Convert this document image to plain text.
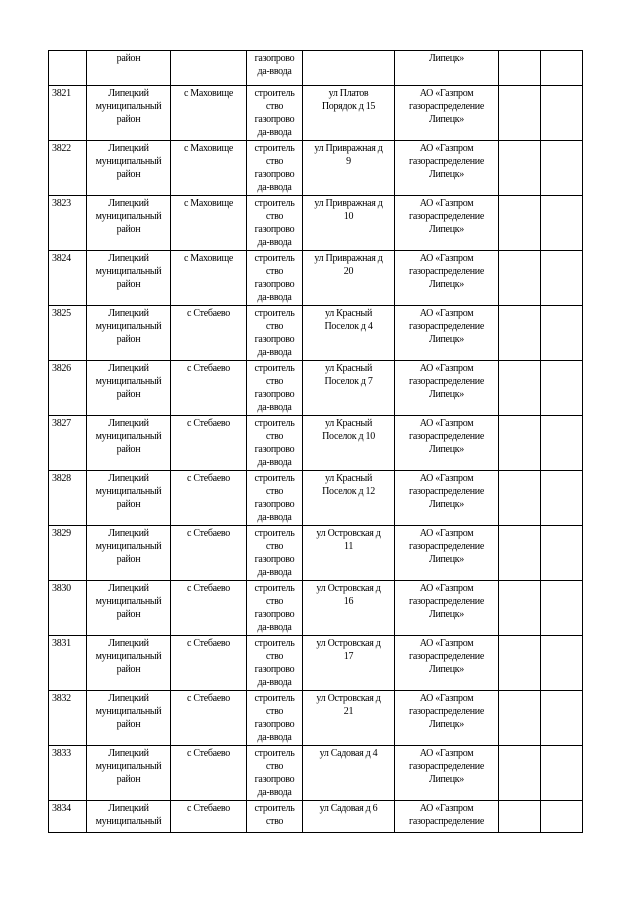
	район		газопрово
да-ввода		Липецк»		

3821	Липецкий
муниципальный
район	с Маховище	строитель
ство
газопрово
да-ввода	ул Платов
Порядок д 15	АО «Газпром
газораспределение
Липецк»		

3822	Липецкий
муниципальный
район	с Маховище	строитель
ство
газопрово
да-ввода	ул Привражная д
9	АО «Газпром
газораспределение
Липецк»		

3823	Липецкий
муниципальный
район	с Маховище	строитель
ство
газопрово
да-ввода	ул Привражная д
10	АО «Газпром
газораспределение
Липецк»		

3824	Липецкий
муниципальный
район	с Маховище	строитель
ство
газопрово
да-ввода	ул Привражная д
20	АО «Газпром
газораспределение
Липецк»		

3825	Липецкий
муниципальный
район	с Стебаево	строитель
ство
газопрово
да-ввода	ул Красный
Поселок д 4	АО «Газпром
газораспределение
Липецк»		

3826	Липецкий
муниципальный
район	с Стебаево	строитель
ство
газопрово
да-ввода	ул Красный
Поселок д 7	АО «Газпром
газораспределение
Липецк»		

3827	Липецкий
муниципальный
район	с Стебаево	строитель
ство
газопрово
да-ввода	ул Красный
Поселок д 10	АО «Газпром
газораспределение
Липецк»		

3828	Липецкий
муниципальный
район	с Стебаево	строитель
ство
газопрово
да-ввода	ул Красный
Поселок д 12	АО «Газпром
газораспределение
Липецк»		

3829	Липецкий
муниципальный
район	с Стебаево	строитель
ство
газопрово
да-ввода	ул Островская д
11	АО «Газпром
газораспределение
Липецк»		

3830	Липецкий
муниципальный
район	с Стебаево	строитель
ство
газопрово
да-ввода	ул Островская д
16	АО «Газпром
газораспределение
Липецк»		

3831	Липецкий
муниципальный
район	с Стебаево	строитель
ство
газопрово
да-ввода	ул Островская д
17	АО «Газпром
газораспределение
Липецк»		

3832	Липецкий
муниципальный
район	с Стебаево	строитель
ство
газопрово
да-ввода	ул Островская д
21	АО «Газпром
газораспределение
Липецк»		

3833	Липецкий
муниципальный
район	с Стебаево	строитель
ство
газопрово
да-ввода	ул Садовая д 4	АО «Газпром
газораспределение
Липецк»		

3834	Липецкий
муниципальный	с Стебаево	строитель
ство	ул Садовая д 6	АО «Газпром
газораспределение		
